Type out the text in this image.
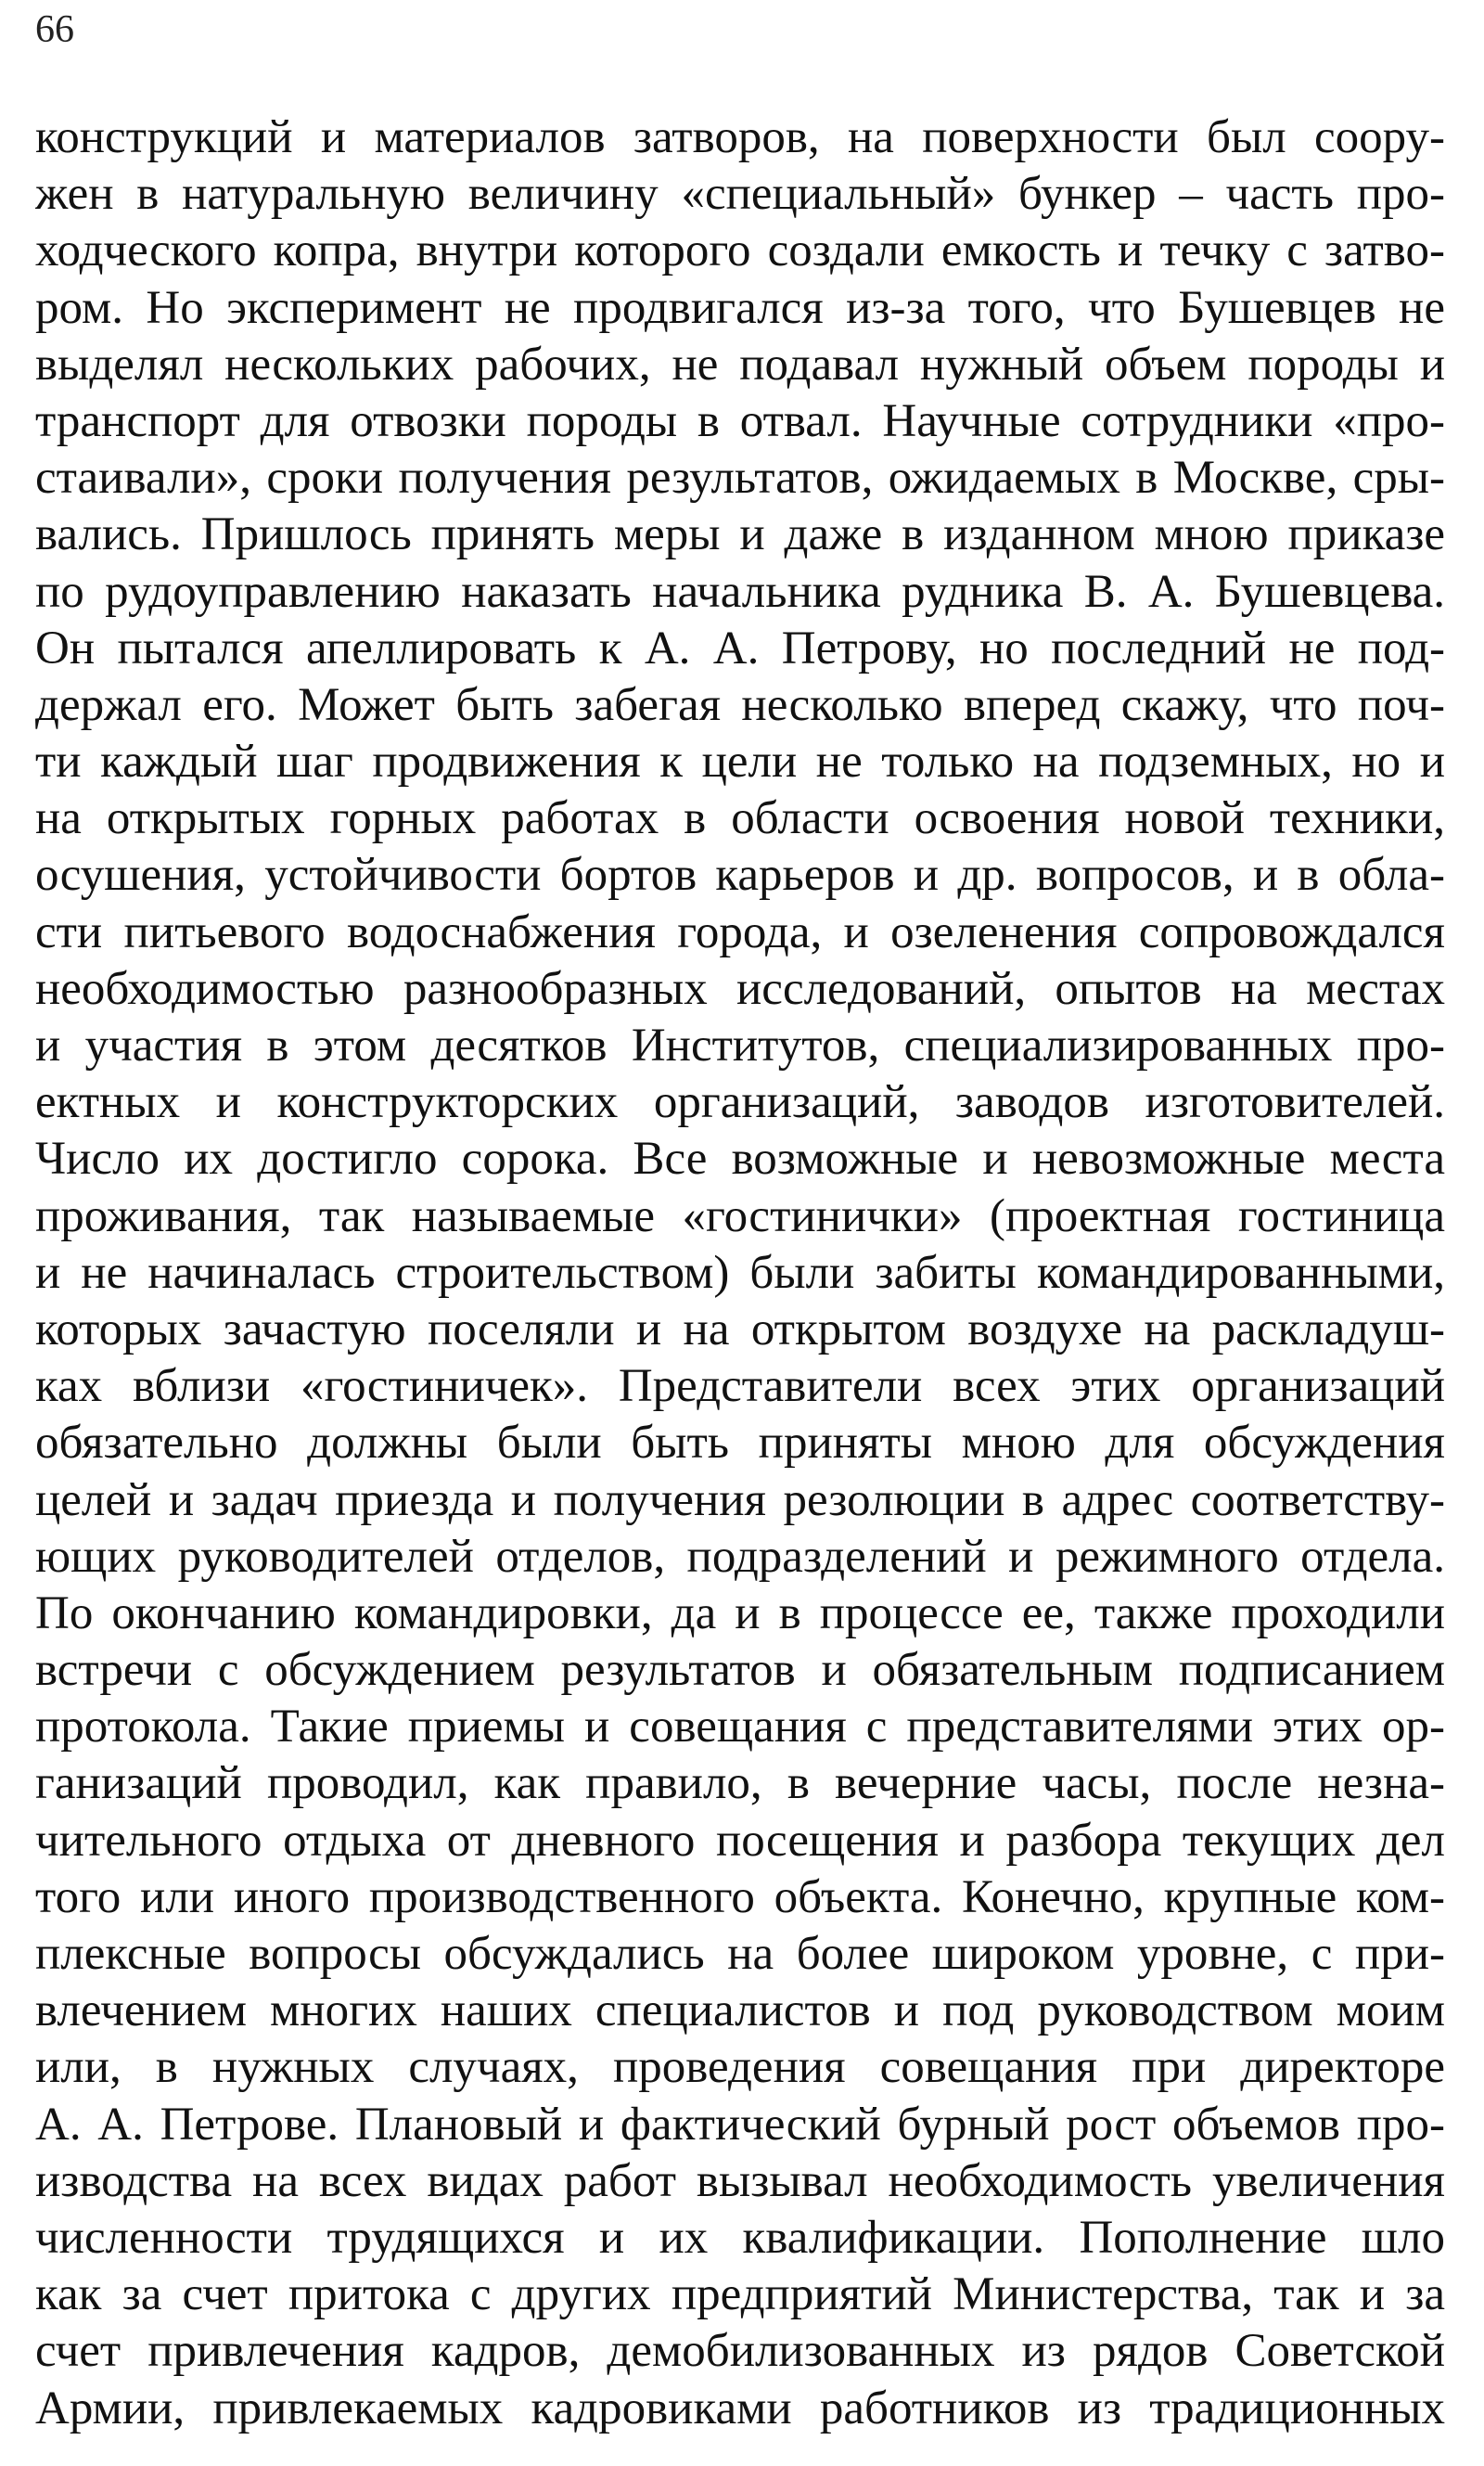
66
конструкций и материалов затворов, на поверхности был соору-
жен в натуральную величину «специальный» бункер – часть про-
ходческого копра, внутри которого создали емкость и течку с затво-
ром. Но эксперимент не продвигался из-за того, что Бушевцев не
выделял нескольких рабочих, не подавал нужный объем породы и
транспорт для отвозки породы в отвал. Научные сотрудники «про-
стаивали», сроки получения результатов, ожидаемых в Москве, сры-
вались. Пришлось принять меры и даже в изданном мною приказе
по рудоуправлению наказать начальника рудника В. А. Бушевцева.
Он пытался апеллировать к А. А. Петрову, но последний не под-
держал его. Может быть забегая несколько вперед скажу, что поч-
ти каждый шаг продвижения к цели не только на подземных, но и
на открытых горных работах в области освоения новой техники,
осушения, устойчивости бортов карьеров и др. вопросов, и в обла-
сти питьевого водоснабжения города, и озеленения сопровождался
необходимостью разнообразных исследований, опытов на местах
и участия в этом десятков Институтов, специализированных про-
ектных и конструкторских организаций, заводов изготовителей.
Число их достигло сорока. Все возможные и невозможные места
проживания, так называемые «гостинички» (проектная гостиница
и не начиналась строительством) были забиты командированными,
которых зачастую поселяли и на открытом воздухе на раскладуш-
ках вблизи «гостиничек». Представители всех этих организаций
обязательно должны были быть приняты мною для обсуждения
целей и задач приезда и получения резолюции в адрес соответству-
ющих руководителей отделов, подразделений и режимного отдела.
По окончанию командировки, да и в процессе ее, также проходили
встречи с обсуждением результатов и обязательным подписанием
протокола. Такие приемы и совещания с представителями этих ор-
ганизаций проводил, как правило, в вечерние часы, после незна-
чительного отдыха от дневного посещения и разбора текущих дел
того или иного производственного объекта. Конечно, крупные ком-
плексные вопросы обсуждались на более широком уровне, с при-
влечением многих наших специалистов и под руководством моим
или, в нужных случаях, проведения совещания при директоре
А. А. Петрове. Плановый и фактический бурный рост объемов про-
изводства на всех видах работ вызывал необходимость увеличения
численности трудящихся и их квалификации. Пополнение шло
как за счет притока с других предприятий Министерства, так и за
счет привлечения кадров, демобилизованных из рядов Советской
Армии, привлекаемых кадровиками работников из традиционных
